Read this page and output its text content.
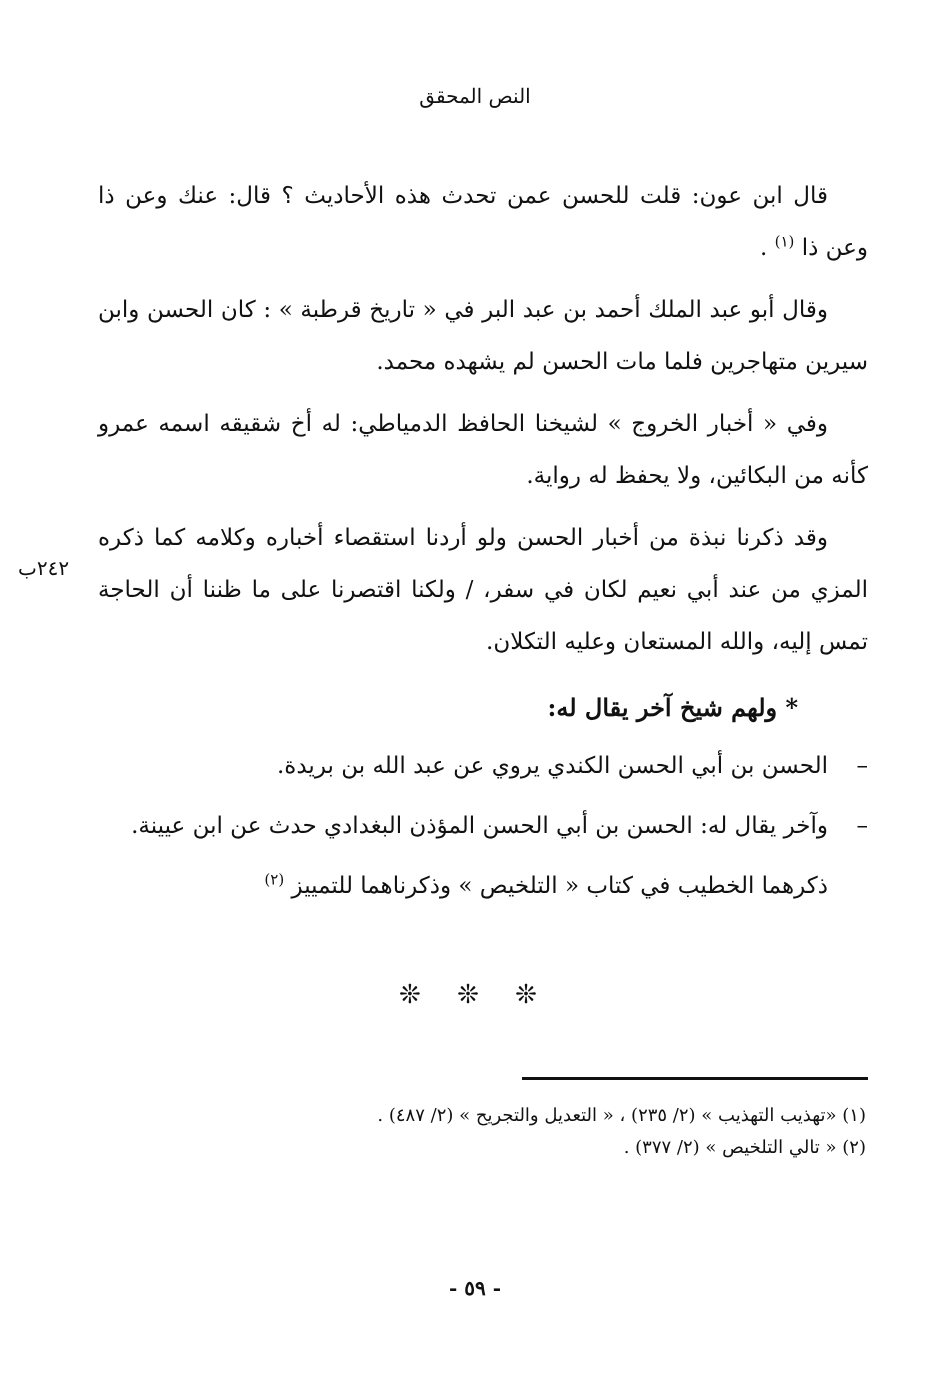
النص المحقق

قال ابن عون: قلت للحسن عمن تحدث هذه الأحاديث ؟ قال: عنك وعن ذا وعن ذا $^{(١)}$ .

وقال أبو عبد الملك أحمد بن عبد البر في « تاريخ قرطبة » : كان الحسن وابن سيرين متهاجرين فلما مات الحسن لم يشهده محمد.

وفي « أخبار الخروج » لشيخنا الحافظ الدمياطي: له أخ شقيقه اسمه عمرو كأنه من البكائين، ولا يحفظ له رواية.

وقد ذكرنا نبذة من أخبار الحسن ولو أردنا استقصاء أخباره وكلامه كما ذكره المزي من عند أبي نعيم لكان في سفر، / ولكنا اقتصرنا على ما ظننا أن الحاجة تمس إليه، والله المستعان وعليه التكلان.

* ولهم شيخ آخر يقال له:

–
الحسن بن أبي الحسن الكندي يروي عن عبد الله بن بريدة.

–
وآخر يقال له: الحسن بن أبي الحسن المؤذن البغدادي حدث عن ابن عيينة.

ذكرهما الخطيب في كتاب « التلخيص » وذكرناهما للتمييز $^{(٢)}$

٢٤٢ب
❊ ❊ ❊

(١) «تهذيب التهذيب » (٢/ ٢٣٥) ، « التعديل والتجريح » (٢/ ٤٨٧) .

(٢) « تالي التلخيص » (٢/ ٣٧٧) .

- ٥٩ -
